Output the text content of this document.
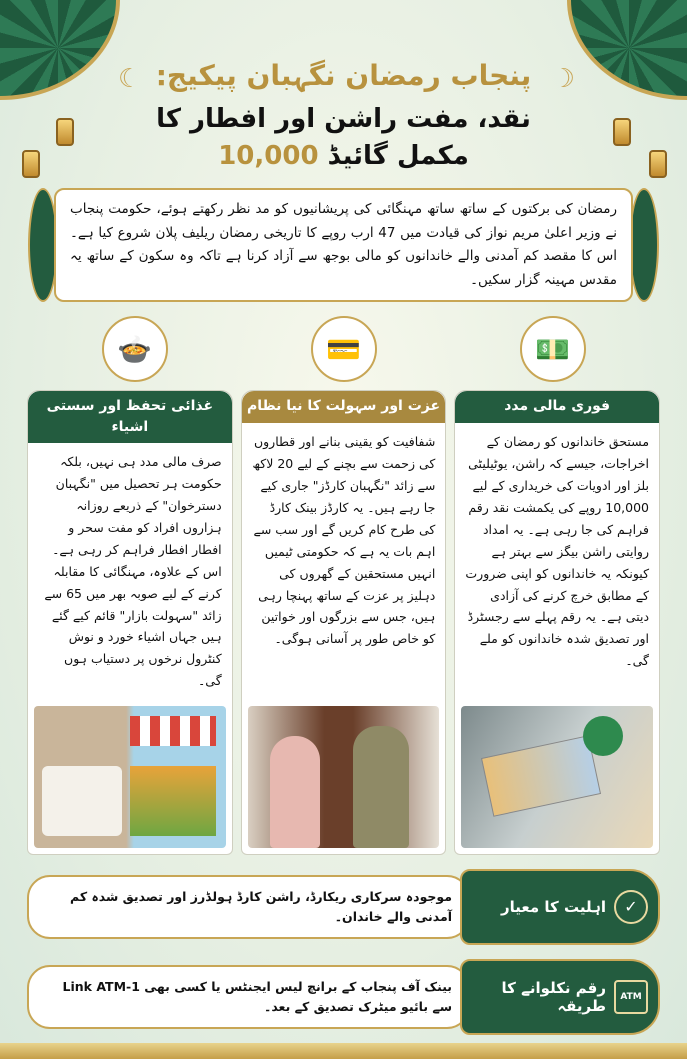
☾	☽
پنجاب رمضان نگہبان پیکیج:
نقد، مفت راشن اور افطار کا مکمل گائیڈ 10,000
رمضان کی برکتوں کے ساتھ ساتھ مہنگائی کی پریشانیوں کو مد نظر رکھتے ہوئے، حکومت پنجاب نے وزیر اعلیٰ مریم نواز کی قیادت میں 47 ارب روپے کا تاریخی رمضان ریلیف پلان شروع کیا ہے۔ اس کا مقصد کم آمدنی والے خاندانوں کو مالی بوجھ سے آزاد کرنا ہے تاکہ وہ سکون کے ساتھ یہ مقدس مہینہ گزار سکیں۔
🍲	💳	💵
غذائی تحفظ اور سستی اشیاء
صرف مالی مدد ہی نہیں، بلکہ حکومت ہر تحصیل میں "نگہبان دسترخوان" کے ذریعے روزانہ ہزاروں افراد کو مفت سحر و افطار افطار فراہم کر رہی ہے۔ اس کے علاوہ، مہنگائی کا مقابلہ کرنے کے لیے صوبہ بھر میں 65 سے زائد "سہولت بازار" قائم کیے گئے ہیں جہاں اشیاء خورد و نوش کنٹرول نرخوں پر دستیاب ہوں گی۔
عزت اور سہولت کا نیا نظام
شفافیت کو یقینی بنانے اور قطاروں کی زحمت سے بچنے کے لیے 20 لاکھ سے زائد "نگہبان کارڈز" جاری کیے جا رہے ہیں۔ یہ کارڈز بینک کارڈ کی طرح کام کریں گے اور سب سے اہم بات یہ ہے کہ حکومتی ٹیمیں انہیں مستحقین کے گھروں کی دہلیز پر عزت کے ساتھ پہنچا رہی ہیں، جس سے بزرگوں اور خواتین کو خاص طور پر آسانی ہوگی۔
فوری مالی مدد
مستحق خاندانوں کو رمضان کے اخراجات، جیسے کہ راشن، یوٹیلیٹی بلز اور ادویات کی خریداری کے لیے 10,000 روپے کی یکمشت نقد رقم فراہم کی جا رہی ہے۔ یہ امداد روایتی راشن بیگز سے بہتر ہے کیونکہ یہ خاندانوں کو اپنی ضرورت کے مطابق خرچ کرنے کی آزادی دیتی ہے۔ یہ رقم پہلے سے رجسٹرڈ اور تصدیق شدہ خاندانوں کو ملے گی۔
موجودہ سرکاری ریکارڈ، راشن کارڈ ہولڈرز اور تصدیق شدہ کم آمدنی والے خاندان۔
✓
اہلیت کا معیار
بینک آف پنجاب کے برانچ لیس ایجنٹس یا کسی بھی 1-Link ATM سے بائیو میٹرک تصدیق کے بعد۔
ATM
رقم نکلوانے کا طریقہ
